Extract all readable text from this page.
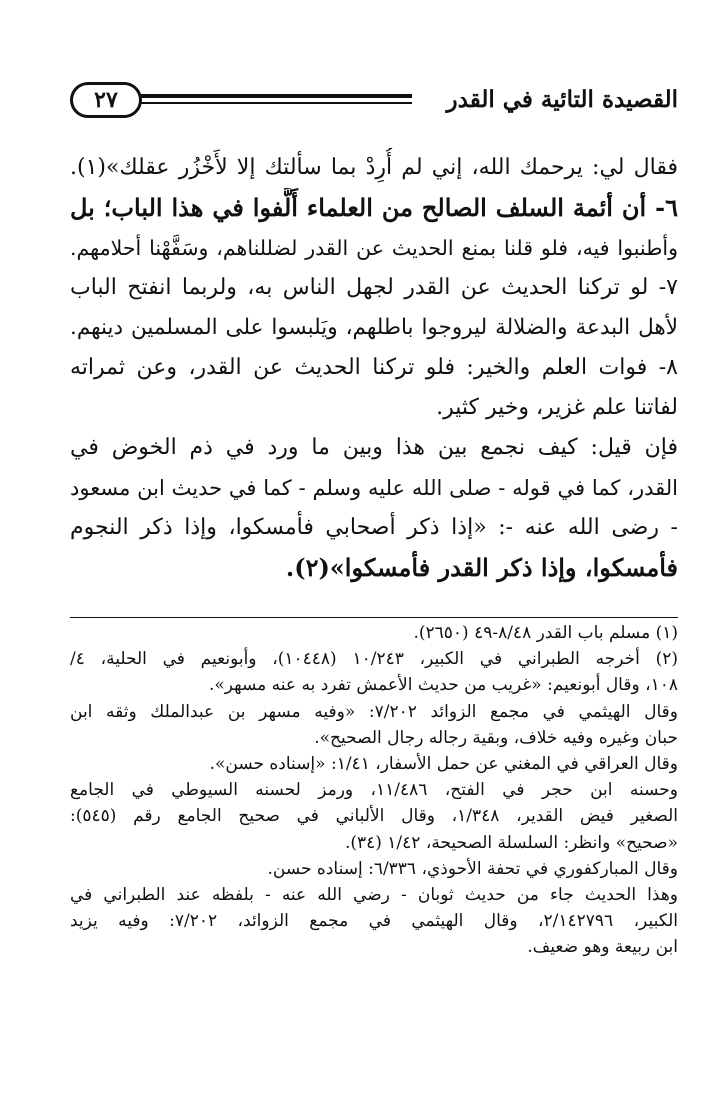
القصيدة التائية في القدر
٢٧
فقال لي: يرحمك الله، إني لم أُرِدْ بما سألتك إلا لأَخْزُر عقلك»(١).
٦- أن أئمة السلف الصالح من العلماء أَلَّفوا في هذا الباب؛ بل
وأطنبوا فيه، فلو قلنا بمنع الحديث عن القدر لضللناهم، وسَفَّهْنا أحلامهم.
٧- لو تركنا الحديث عن القدر لجهل الناس به، ولربما انفتح الباب
لأهل البدعة والضلالة ليروجوا باطلهم، ويَلبسوا على المسلمين دينهم.
٨- فوات العلم والخير: فلو تركنا الحديث عن القدر، وعن ثمراته
لفاتنا علم غزير، وخير كثير.
فإن قيل: كيف نجمع بين هذا وبين ما ورد في ذم الخوض في
القدر، كما في قوله - صلى الله عليه وسلم - كما في حديث ابن مسعود
- رضى الله عنه -: «إذا ذكر أصحابي فأمسكوا، وإذا ذكر النجوم
فأمسكوا، وإذا ذكر القدر فأمسكوا»(٢).
(١) مسلم باب القدر ٨/٤٨-٤٩ (٢٦٥٠).
(٢) أخرجه الطبراني في الكبير، ١٠/٢٤٣ (١٠٤٤٨)، وأبونعيم في الحلية، ٤/
١٠٨، وقال أبونعيم: «غريب من حديث الأعمش تفرد به عنه مسهر».
وقال الهيثمي في مجمع الزوائد ٧/٢٠٢: «وفيه مسهر بن عبدالملك وثقه ابن
حبان وغيره وفيه خلاف، وبقية رجاله رجال الصحيح».
وقال العراقي في المغني عن حمل الأسفار، ١/٤١: «إسناده حسن».
وحسنه ابن حجر في الفتح، ١١/٤٨٦، ورمز لحسنه السيوطي في الجامع
الصغير فيض القدير، ١/٣٤٨، وقال الألباني في صحيح الجامع رقم (٥٤٥):
«صحيح» وانظر: السلسلة الصحيحة، ١/٤٢ (٣٤).
وقال المباركفوري في تحفة الأحوذي، ٦/٣٣٦: إسناده حسن.
وهذا الحديث جاء من حديث ثوبان - رضي الله عنه - بلفظه عند الطبراني في
الكبير، ٢/١٤٢٧٩٦، وقال الهيثمي في مجمع الزوائد، ٧/٢٠٢: وفيه يزيد
ابن ربيعة وهو ضعيف.
